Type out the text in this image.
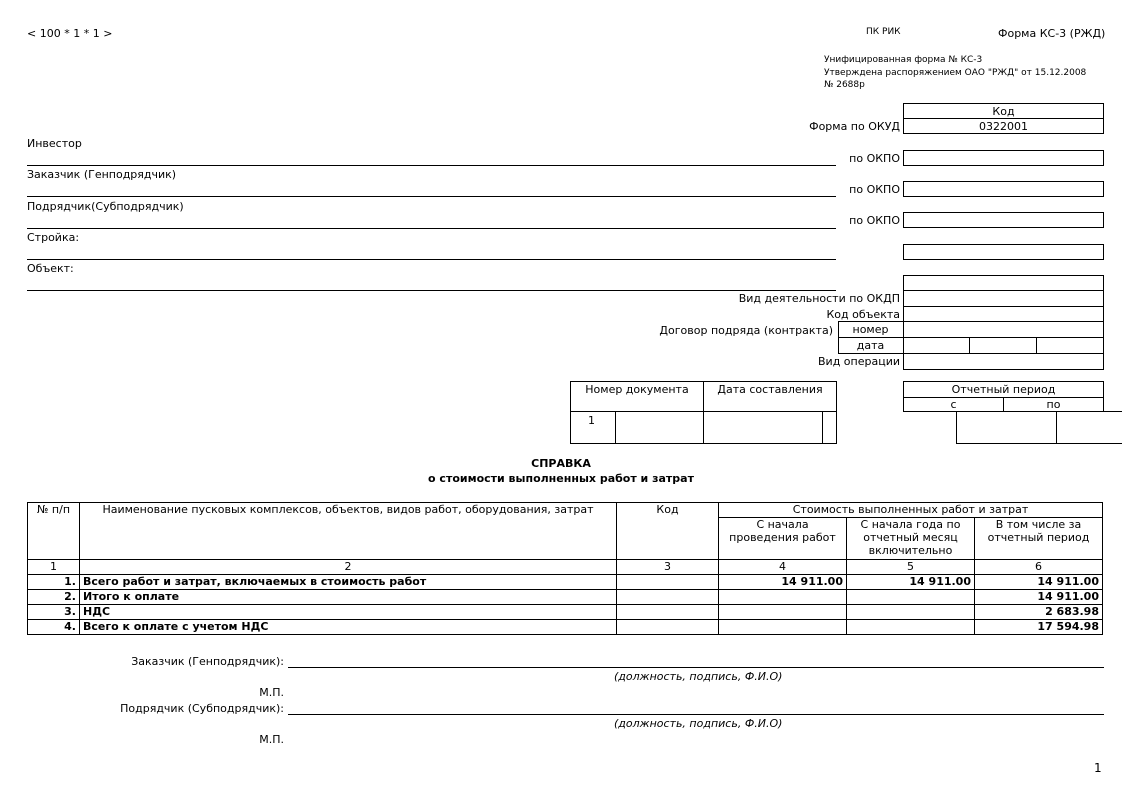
< 100 * 1 * 1 >	ПК РИК	Форма КС-3 (РЖД)
Унифицированная форма № КС-3
Утверждена распоряжением ОАО "РЖД" от 15.12.2008
№ 2688р
Код
0322001
Форма по ОКУД
по ОКПО
по ОКПО
по ОКПО
Вид деятельности по ОКДП
Код объекта
Договор подряда (контракта)	номер
дата
Вид операции
Инвестор
Заказчик (Генподрядчик)
Подрядчик(Субподрядчик)
Стройка:
Объект:
Номер документа	Дата составления
1
Отчетный период
с	по
СПРАВКА
о стоимости выполненных работ и затрат
№ п/п	Наименование пусковых комплексов, объектов, видов работ, оборудования, затрат	Код	Стоимость выполненных работ и затрат		
			С начала проведения работ	С начала года по отчетный месяц включительно	В том числе за отчетный период
1	2	3	4	5	6
1.	Всего работ и затрат, включаемых в стоимость работ		14 911.00	14 911.00	14 911.00
2.	Итого к оплате				14 911.00
3.	НДС				2 683.98
4.	Всего к оплате с учетом НДС				17 594.98
Заказчик (Генподрядчик):
(должность, подпись, Ф.И.О)
М.П.
Подрядчик (Субподрядчик):
(должность, подпись, Ф.И.О)
М.П.
1
